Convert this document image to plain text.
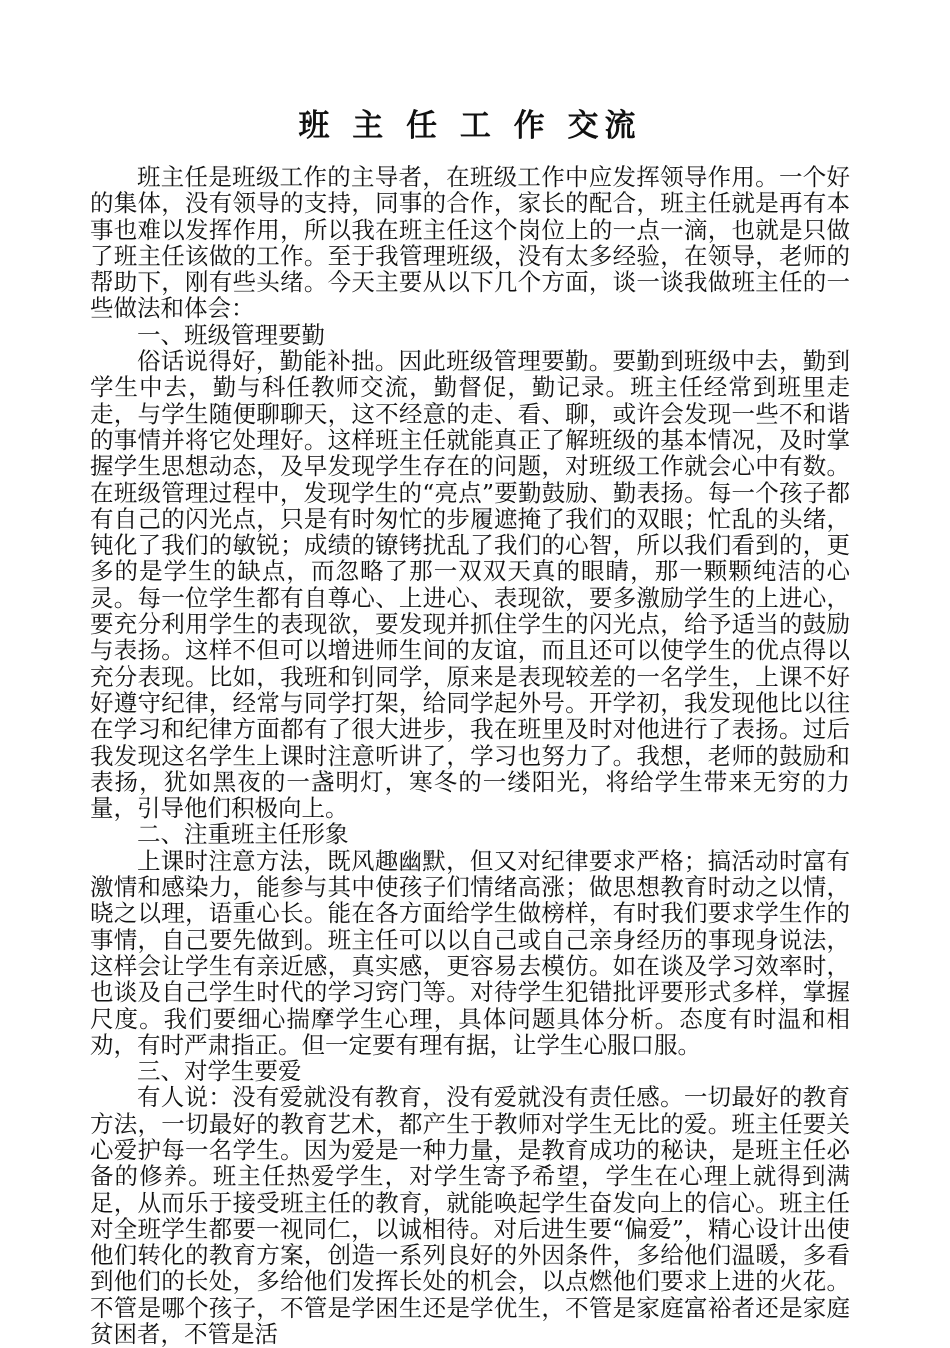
班 主 任 工 作 交流

班主任是班级工作的主导者，在班级工作中应发挥领导作用。一个好的集体，没有领导的支持，同事的合作，家长的配合，班主任就是再有本事也难以发挥作用，所以我在班主任这个岗位上的一点一滴，也就是只做了班主任该做的工作。至于我管理班级，没有太多经验，在领导，老师的帮助下，刚有些头绪。今天主要从以下几个方面，谈一谈我做班主任的一些做法和体会：

一、班级管理要勤

俗话说得好，勤能补拙。因此班级管理要勤。要勤到班级中去，勤到学生中去，勤与科任教师交流，勤督促，勤记录。班主任经常到班里走走，与学生随便聊聊天，这不经意的走、看、聊，或许会发现一些不和谐的事情并将它处理好。这样班主任就能真正了解班级的基本情况，及时掌握学生思想动态，及早发现学生存在的问题，对班级工作就会心中有数。在班级管理过程中，发现学生的“亮点”要勤鼓励、勤表扬。每一个孩子都有自己的闪光点，只是有时匆忙的步履遮掩了我们的双眼；忙乱的头绪，钝化了我们的敏锐；成绩的镣铐扰乱了我们的心智，所以我们看到的，更多的是学生的缺点，而忽略了那一双双天真的眼睛，那一颗颗纯洁的心灵。每一位学生都有自尊心、上进心、表现欲，要多激励学生的上进心，要充分利用学生的表现欲，要发现并抓住学生的闪光点，给予适当的鼓励与表扬。这样不但可以增进师生间的友谊，而且还可以使学生的优点得以充分表现。比如，我班和钊同学，原来是表现较差的一名学生，上课不好好遵守纪律，经常与同学打架，给同学起外号。开学初，我发现他比以往在学习和纪律方面都有了很大进步，我在班里及时对他进行了表扬。过后我发现这名学生上课时注意听讲了，学习也努力了。我想，老师的鼓励和表扬，犹如黑夜的一盏明灯，寒冬的一缕阳光，将给学生带来无穷的力量，引导他们积极向上。

二、注重班主任形象

上课时注意方法，既风趣幽默，但又对纪律要求严格；搞活动时富有激情和感染力，能参与其中使孩子们情绪高涨；做思想教育时动之以情，晓之以理，语重心长。能在各方面给学生做榜样，有时我们要求学生作的事情，自己要先做到。班主任可以以自己或自己亲身经历的事现身说法，这样会让学生有亲近感，真实感，更容易去模仿。如在谈及学习效率时，也谈及自己学生时代的学习窍门等。对待学生犯错批评要形式多样，掌握尺度。我们要细心揣摩学生心理，具体问题具体分析。态度有时温和相劝，有时严肃指正。但一定要有理有据，让学生心服口服。

三、对学生要爱

有人说：没有爱就没有教育，没有爱就没有责任感。一切最好的教育方法，一切最好的教育艺术，都产生于教师对学生无比的爱。班主任要关心爱护每一名学生。因为爱是一种力量，是教育成功的秘诀，是班主任必备的修养。班主任热爱学生，对学生寄予希望，学生在心理上就得到满足，从而乐于接受班主任的教育，就能唤起学生奋发向上的信心。班主任对全班学生都要一视同仁，以诚相待。对后进生要“偏爱”，精心设计出使他们转化的教育方案，创造一系列良好的外因条件，多给他们温暖，多看到他们的长处，多给他们发挥长处的机会，以点燃他们要求上进的火花。不管是哪个孩子，不管是学困生还是学优生，不管是家庭富裕者还是家庭贫困者，不管是活
